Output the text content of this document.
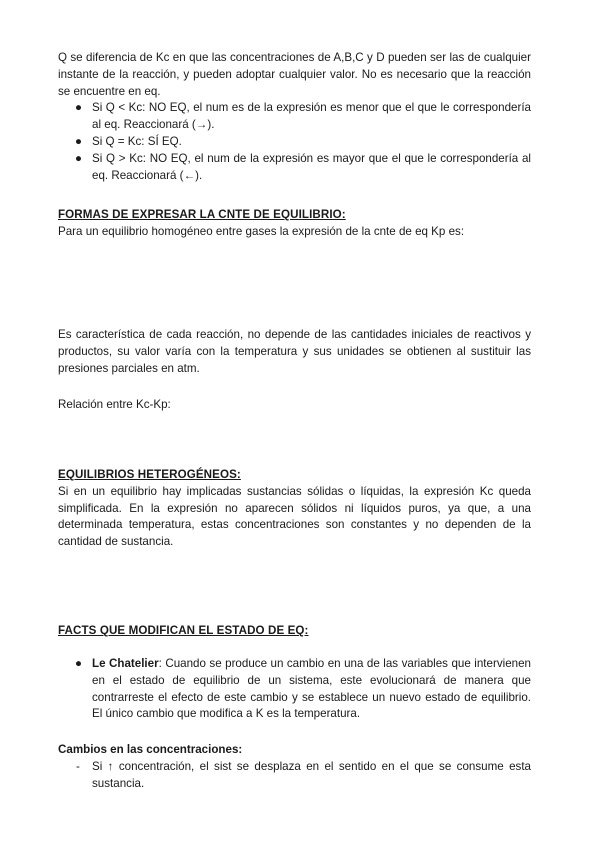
Q se diferencia de Kc en que las concentraciones de A,B,C y D pueden ser las de cualquier instante de la reacción, y pueden adoptar cualquier valor. No es necesario que la reacción se encuentre en eq.

● Si Q < Kc: NO EQ, el num es de la expresión es menor que el que le correspondería al eq. Reaccionará (→).
● Si Q = Kc: SÍ EQ.
● Si Q > Kc: NO EQ, el num de la expresión es mayor que el que le correspondería al eq. Reaccionará (←).

FORMAS DE EXPRESAR LA CNTE DE EQUILIBRIO:

Para un equilibrio homogéneo entre gases la expresión de la cnte de eq Kp es:

Es característica de cada reacción, no depende de las cantidades iniciales de reactivos y productos, su valor varía con la temperatura y sus unidades se obtienen al sustituir las presiones parciales en atm.

Relación entre Kc-Kp:

EQUILIBRIOS HETEROGÉNEOS:

Si en un equilibrio hay implicadas sustancias sólidas o líquidas, la expresión Kc queda simplificada. En la expresión no aparecen sólidos ni líquidos puros, ya que, a una determinada temperatura, estas concentraciones son constantes y no dependen de la cantidad de sustancia.

FACTS QUE MODIFICAN EL ESTADO DE EQ:

● Le Chatelier: Cuando se produce un cambio en una de las variables que intervienen en el estado de equilibrio de un sistema, este evolucionará de manera que contrarreste el efecto de este cambio y se establece un nuevo estado de equilibrio. El único cambio que modifica a K es la temperatura.

Cambios en las concentraciones:

- Si ↑ concentración, el sist se desplaza en el sentido en el que se consume esta sustancia.
